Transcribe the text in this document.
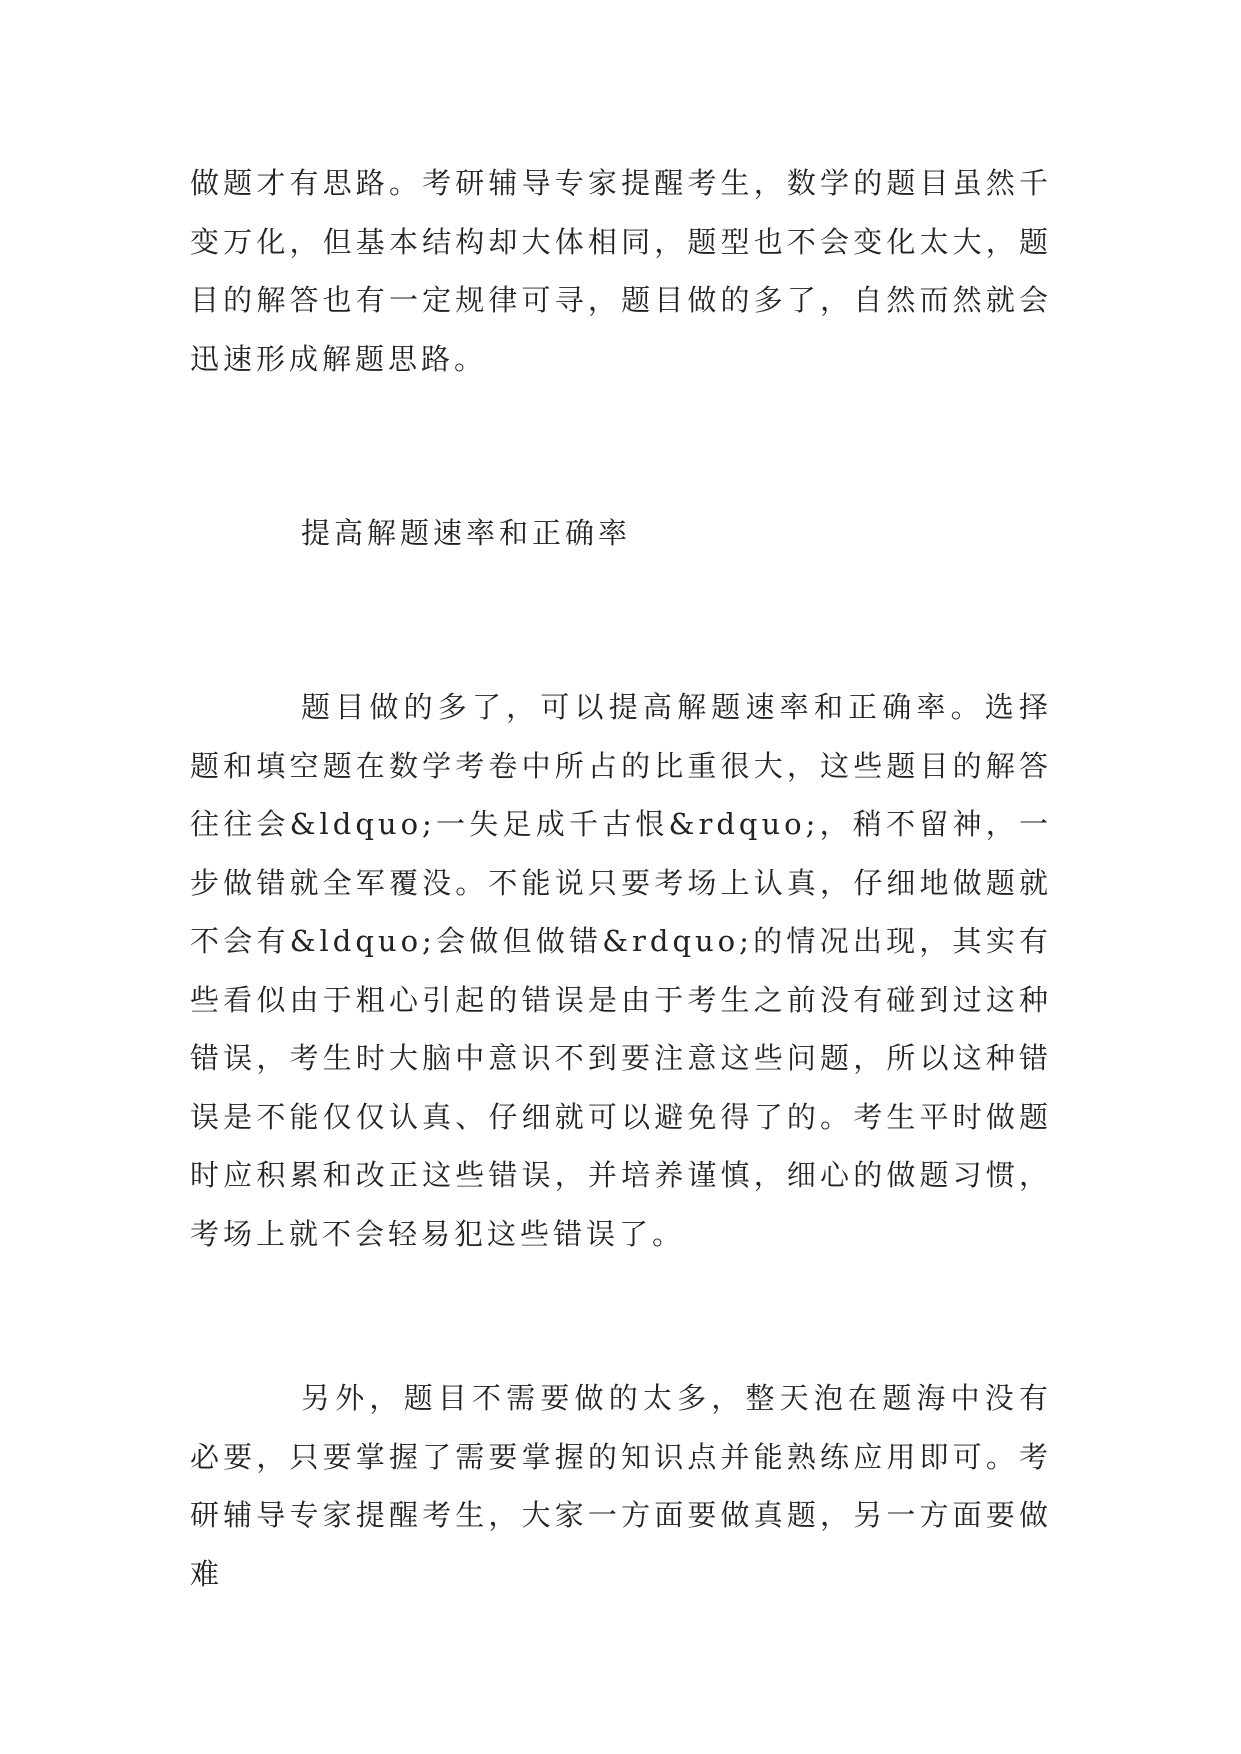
做题才有思路。考研辅导专家提醒考生，数学的题目虽然千变万化，但基本结构却大体相同，题型也不会变化太大，题目的解答也有一定规律可寻，题目做的多了，自然而然就会迅速形成解题思路。
提高解题速率和正确率
题目做的多了，可以提高解题速率和正确率。选择题和填空题在数学考卷中所占的比重很大，这些题目的解答往往会&ldquo;一失足成千古恨&rdquo;，稍不留神，一步做错就全军覆没。不能说只要考场上认真，仔细地做题就不会有&ldquo;会做但做错&rdquo;的情况出现，其实有些看似由于粗心引起的错误是由于考生之前没有碰到过这种错误，考生时大脑中意识不到要注意这些问题，所以这种错误是不能仅仅认真、仔细就可以避免得了的。考生平时做题时应积累和改正这些错误，并培养谨慎，细心的做题习惯，考场上就不会轻易犯这些错误了。
另外，题目不需要做的太多，整天泡在题海中没有必要，只要掌握了需要掌握的知识点并能熟练应用即可。考研辅导专家提醒考生，大家一方面要做真题，另一方面要做难
